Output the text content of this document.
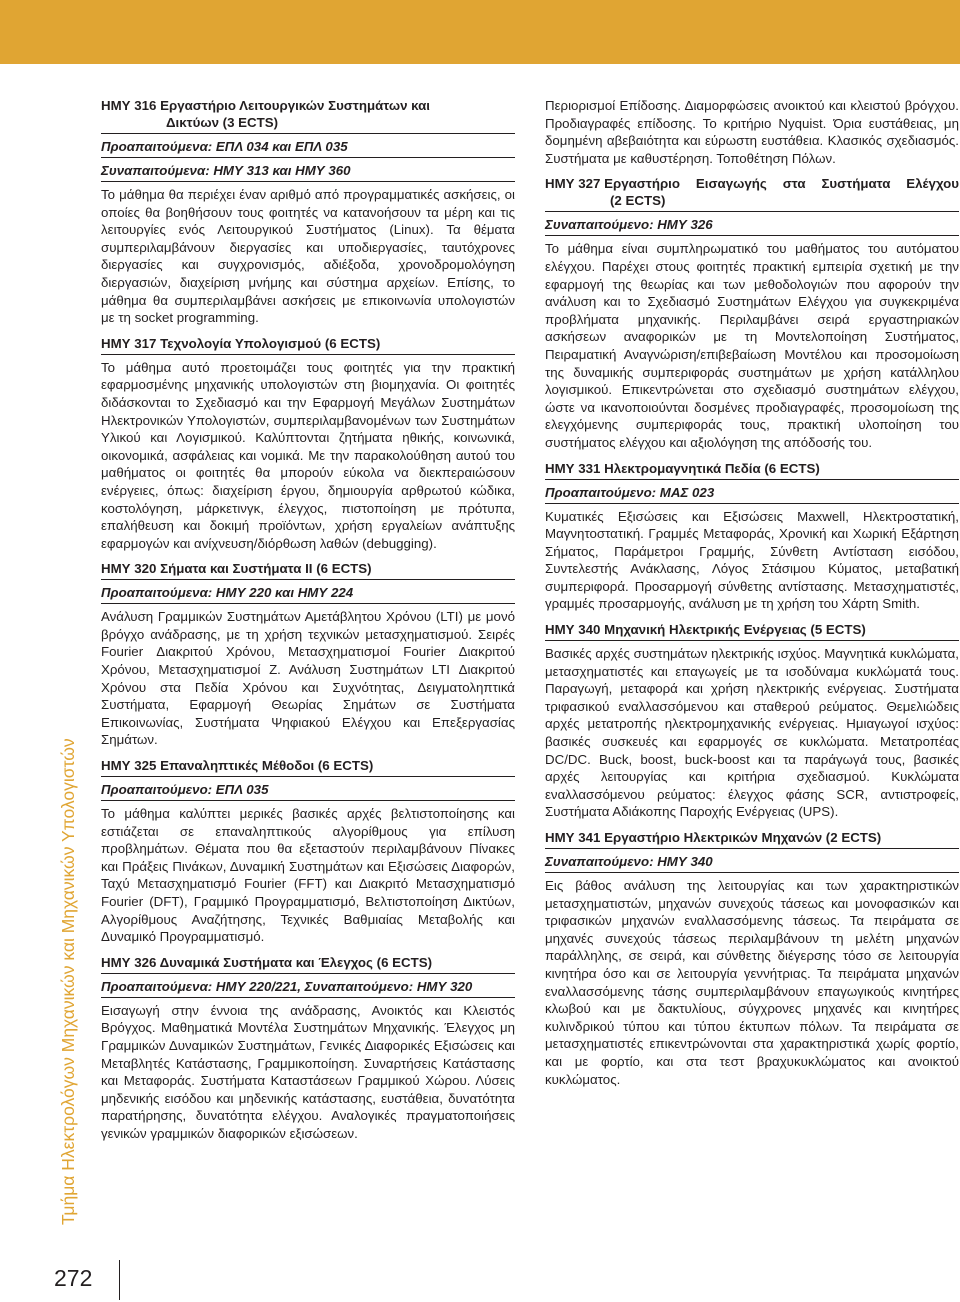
Τμήμα Ηλεκτρολόγων Μηχανικών και Μηχανικών Υπολογιστών
272
ΗΜΥ 316 Εργαστήριο Λειτουργικών Συστημάτων και
Δικτύων (3 ECTS)

Προαπαιτούμενα: ΕΠΛ 034 και ΕΠΛ 035

Συναπαιτούμενα: ΗΜΥ 313 και ΗΜΥ 360

Το μάθημα θα περιέχει έναν αριθμό από προγραμματικές ασκήσεις, οι οποίες θα βοηθήσουν τους φοιτητές να κατανοήσουν τα μέρη και τις λειτουργίες ενός Λειτουργικού Συστήματος (Linux). Τα θέματα συμπεριλαμβάνουν διεργασίες και υποδιεργασίες, ταυτόχρονες διεργασίες και συγχρονισμός, αδιέξοδα, χρονοδρομολόγηση διεργασιών, διαχείριση μνήμης και σύστημα αρχείων. Επίσης, το μάθημα θα συμπεριλαμβάνει ασκήσεις με επικοινωνία υπολογιστών με τη socket programming.

ΗΜΥ 317 Τεχνολογία Υπολογισμού (6 ECTS)

Το μάθημα αυτό προετοιμάζει τους φοιτητές για την πρακτική εφαρμοσμένης μηχανικής υπολογιστών στη βιομηχανία. Οι φοιτητές διδάσκονται το Σχεδιασμό και την Εφαρμογή Μεγάλων Συστημάτων Ηλεκτρονικών Υπολογιστών, συμπεριλαμβανομένων των Συστημάτων Υλικού και Λογισμικού. Καλύπτονται ζητήματα ηθικής, κοινωνικά, οικονομικά, ασφάλειας και νομικά. Με την παρακολούθηση αυτού του μαθήματος οι φοιτητές θα μπορούν εύκολα να διεκπεραιώσουν ενέργειες, όπως: διαχείριση έργου, δημιουργία αρθρωτού κώδικα, κοστολόγηση, μάρκετινγκ, έλεγχος, πιστοποίηση με πρότυπα, επαλήθευση και δοκιμή προϊόντων, χρήση εργαλείων ανάπτυξης εφαρμογών και ανίχνευση/διόρθωση λαθών (debugging).

ΗΜΥ 320 Σήματα και Συστήματα ΙΙ (6 ECTS)

Προαπαιτούμενα: ΗΜΥ 220 και ΗΜΥ 224

Ανάλυση Γραμμικών Συστημάτων Αμετάβλητου Χρόνου (LTI) με μονό βρόγχο ανάδρασης, με τη χρήση τεχνικών μετασχηματισμού. Σειρές Fourier Διακριτού Χρόνου, Μετασχηματισμοί Fourier Διακριτού Χρόνου, Μετασχηματισμοί Ζ. Ανάλυση Συστημάτων LTI Διακριτού Χρόνου στα Πεδία Χρόνου και Συχνότητας, Δειγματοληπτικά Συστήματα, Εφαρμογή Θεωρίας Σημάτων σε Συστήματα Επικοινωνίας, Συστήματα Ψηφιακού Ελέγχου και Επεξεργασίας Σημάτων.

ΗΜΥ 325 Επαναληπτικές Μέθοδοι (6 ECTS)

Προαπαιτούμενο: ΕΠΛ 035

Το μάθημα καλύπτει μερικές βασικές αρχές βελτιστοποίησης και εστιάζεται σε επαναληπτικούς αλγορίθμους για επίλυση προβλημάτων. Θέματα που θα εξεταστούν περιλαμβάνουν Πίνακες και Πράξεις Πινάκων, Δυναμική Συστημάτων και Εξισώσεις Διαφορών, Ταχύ Μετασχηματισμό Fourier (FFT) και Διακριτό Μετασχηματισμό Fourier (DFT), Γραμμικό Προγραμματισμό, Βελτιστοποίηση Δικτύων, Αλγορίθμους Αναζήτησης, Τεχνικές Βαθμιαίας Μεταβολής και Δυναμικό Προγραμματισμό.

ΗΜΥ 326 Δυναμικά Συστήματα και Έλεγχος (6 ECTS)

Προαπαιτούμενα: ΗΜΥ 220/221, Συναπαιτούμενο: ΗΜΥ 320

Εισαγωγή στην έννοια της ανάδρασης, Ανοικτός και Κλειστός Βρόγχος. Μαθηματικά Μοντέλα Συστημάτων Μηχανικής. Έλεγχος μη Γραμμικών Δυναμικών Συστημάτων, Γενικές Διαφορικές Εξισώσεις και Μεταβλητές Κατάστασης, Γραμμικοποίηση. Συναρτήσεις Κατάστασης και Μεταφοράς. Συστήματα Καταστάσεων Γραμμικού Χώρου. Λύσεις μηδενικής εισόδου και μηδενικής κατάστασης, ευστάθεια, δυνατότητα παρατήρησης, δυνατότητα ελέγχου. Αναλογικές πραγματοποιήσεις γενικών γραμμικών διαφορικών εξισώσεων.

Περιορισμοί Επίδοσης. Διαμορφώσεις ανοικτού και κλειστού βρόγχου. Προδιαγραφές επίδοσης. Το κριτήριο Nyquist. Όρια ευστάθειας, μη δομημένη αβεβαιότητα και εύρωστη ευστάθεια. Κλασικός σχεδιασμός. Συστήματα με καθυστέρηση. Τοποθέτηση Πόλων.

ΗΜΥ 327 Εργαστήριο Εισαγωγής στα Συστήματα Ελέγχου
(2 ECTS)

Συναπαιτούμενο: ΗΜΥ 326

Το μάθημα είναι συμπληρωματικό του μαθήματος του αυτόματου ελέγχου. Παρέχει στους φοιτητές πρακτική εμπειρία σχετική με την εφαρμογή της θεωρίας και των μεθοδολογιών που αφορούν την ανάλυση και το Σχεδιασμό Συστημάτων Ελέγχου για συγκεκριμένα προβλήματα μηχανικής. Περιλαμβάνει σειρά εργαστηριακών ασκήσεων αναφορικών με τη Μοντελοποίηση Συστήματος, Πειραματική Αναγνώριση/επιβεβαίωση Μοντέλου και προσομοίωση της δυναμικής συμπεριφοράς συστημάτων με χρήση κατάλληλου λογισμικού. Επικεντρώνεται στο σχεδιασμό συστημάτων ελέγχου, ώστε να ικανοποιούνται δοσμένες προδιαγραφές, προσομοίωση της ελεγχόμενης συμπεριφοράς τους, πρακτική υλοποίηση του συστήματος ελέγχου και αξιολόγηση της απόδοσής του.

ΗΜΥ 331 Ηλεκτρομαγνητικά Πεδία (6 ECTS)

Προαπαιτούμενο: ΜΑΣ 023

Κυματικές Εξισώσεις και Εξισώσεις Maxwell, Ηλεκτροστατική, Μαγνητοστατική. Γραμμές Μεταφοράς, Χρονική και Χωρική Εξάρτηση Σήματος, Παράμετροι Γραμμής, Σύνθετη Αντίσταση εισόδου, Συντελεστής Ανάκλασης, Λόγος Στάσιμου Κύματος, μεταβατική συμπεριφορά. Προσαρμογή σύνθετης αντίστασης. Μετασχηματιστές, γραμμές προσαρμογής, ανάλυση με τη χρήση του Χάρτη Smith.

ΗΜΥ 340 Μηχανική Ηλεκτρικής Ενέργειας (5 ECTS)

Βασικές αρχές συστημάτων ηλεκτρικής ισχύος. Μαγνητικά κυκλώματα, μετασχηματιστές και επαγωγείς με τα ισοδύναμα κυκλώματά τους. Παραγωγή, μεταφορά και χρήση ηλεκτρικής ενέργειας. Συστήματα τριφασικού εναλλασσόμενου και σταθερού ρεύματος. Θεμελιώδεις αρχές μετατροπής ηλεκτρομηχανικής ενέργειας. Ημιαγωγοί ισχύος: βασικές συσκευές και εφαρμογές σε κυκλώματα. Μετατροπέας DC/DC. Buck, boost, buck-boost και τα παράγωγά τους, βασικές αρχές λειτουργίας και κριτήρια σχεδιασμού. Κυκλώματα εναλλασσόμενου ρεύματος: έλεγχος φάσης SCR, αντιστροφείς, Συστήματα Αδιάκοπης Παροχής Ενέργειας (UPS).

ΗΜΥ 341 Εργαστήριο Ηλεκτρικών Μηχανών (2 ECTS)

Συναπαιτούμενο: ΗΜΥ 340

Εις βάθος ανάλυση της λειτουργίας και των χαρακτηριστικών μετασχηματιστών, μηχανών συνεχούς τάσεως και μονοφασικών και τριφασικών μηχανών εναλλασσόμενης τάσεως. Τα πειράματα σε μηχανές συνεχούς τάσεως περιλαμβάνουν τη μελέτη μηχανών παράλληλης, σε σειρά, και σύνθετης διέγερσης τόσο σε λειτουργία κινητήρα όσο και σε λειτουργία γεννήτριας. Τα πειράματα μηχανών εναλλασσόμενης τάσης συμπεριλαμβάνουν επαγωγικούς κινητήρες κλωβού και με δακτυλίους, σύγχρονες μηχανές και κινητήρες κυλινδρικού τύπου και τύπου έκτυπων πόλων. Τα πειράματα σε μετασχηματιστές επικεντρώνονται στα χαρακτηριστικά χωρίς φορτίο, και με φορτίο, και στα τεστ βραχυκυκλώματος και ανοικτού κυκλώματος.
